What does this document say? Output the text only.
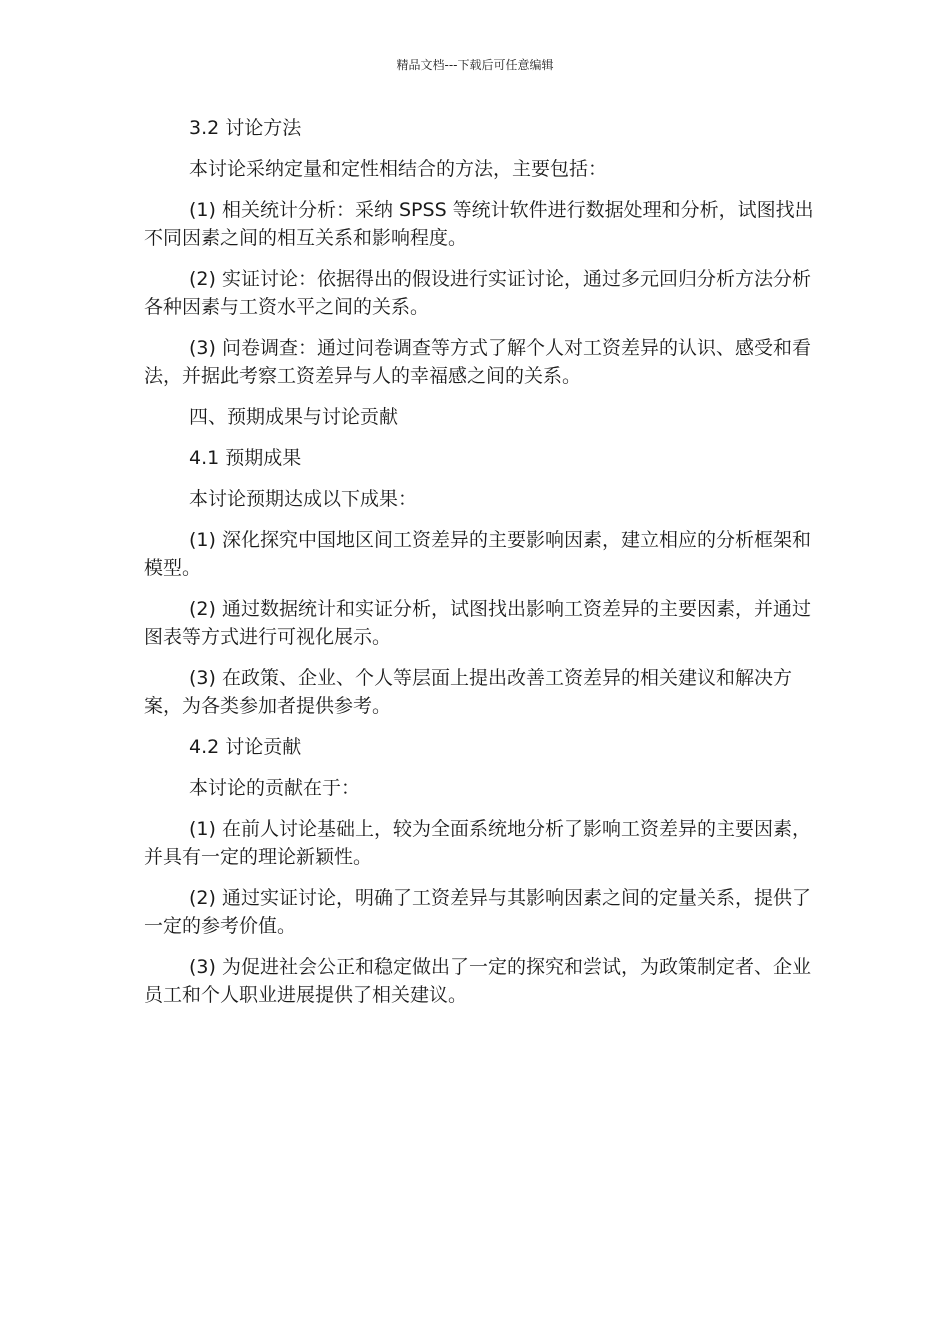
精品文档---下载后可任意编辑

3.2 讨论方法

本讨论采纳定量和定性相结合的方法，主要包括：

(1) 相关统计分析：采纳 SPSS 等统计软件进行数据处理和分析，试图找出不同因素之间的相互关系和影响程度。

(2) 实证讨论：依据得出的假设进行实证讨论，通过多元回归分析方法分析各种因素与工资水平之间的关系。

(3) 问卷调查：通过问卷调查等方式了解个人对工资差异的认识、感受和看法，并据此考察工资差异与人的幸福感之间的关系。

四、预期成果与讨论贡献

4.1 预期成果

本讨论预期达成以下成果：

(1) 深化探究中国地区间工资差异的主要影响因素，建立相应的分析框架和模型。

(2) 通过数据统计和实证分析，试图找出影响工资差异的主要因素，并通过图表等方式进行可视化展示。

(3) 在政策、企业、个人等层面上提出改善工资差异的相关建议和解决方案，为各类参加者提供参考。

4.2 讨论贡献

本讨论的贡献在于：

(1) 在前人讨论基础上，较为全面系统地分析了影响工资差异的主要因素，并具有一定的理论新颖性。

(2) 通过实证讨论，明确了工资差异与其影响因素之间的定量关系，提供了一定的参考价值。

(3) 为促进社会公正和稳定做出了一定的探究和尝试，为政策制定者、企业员工和个人职业进展提供了相关建议。
